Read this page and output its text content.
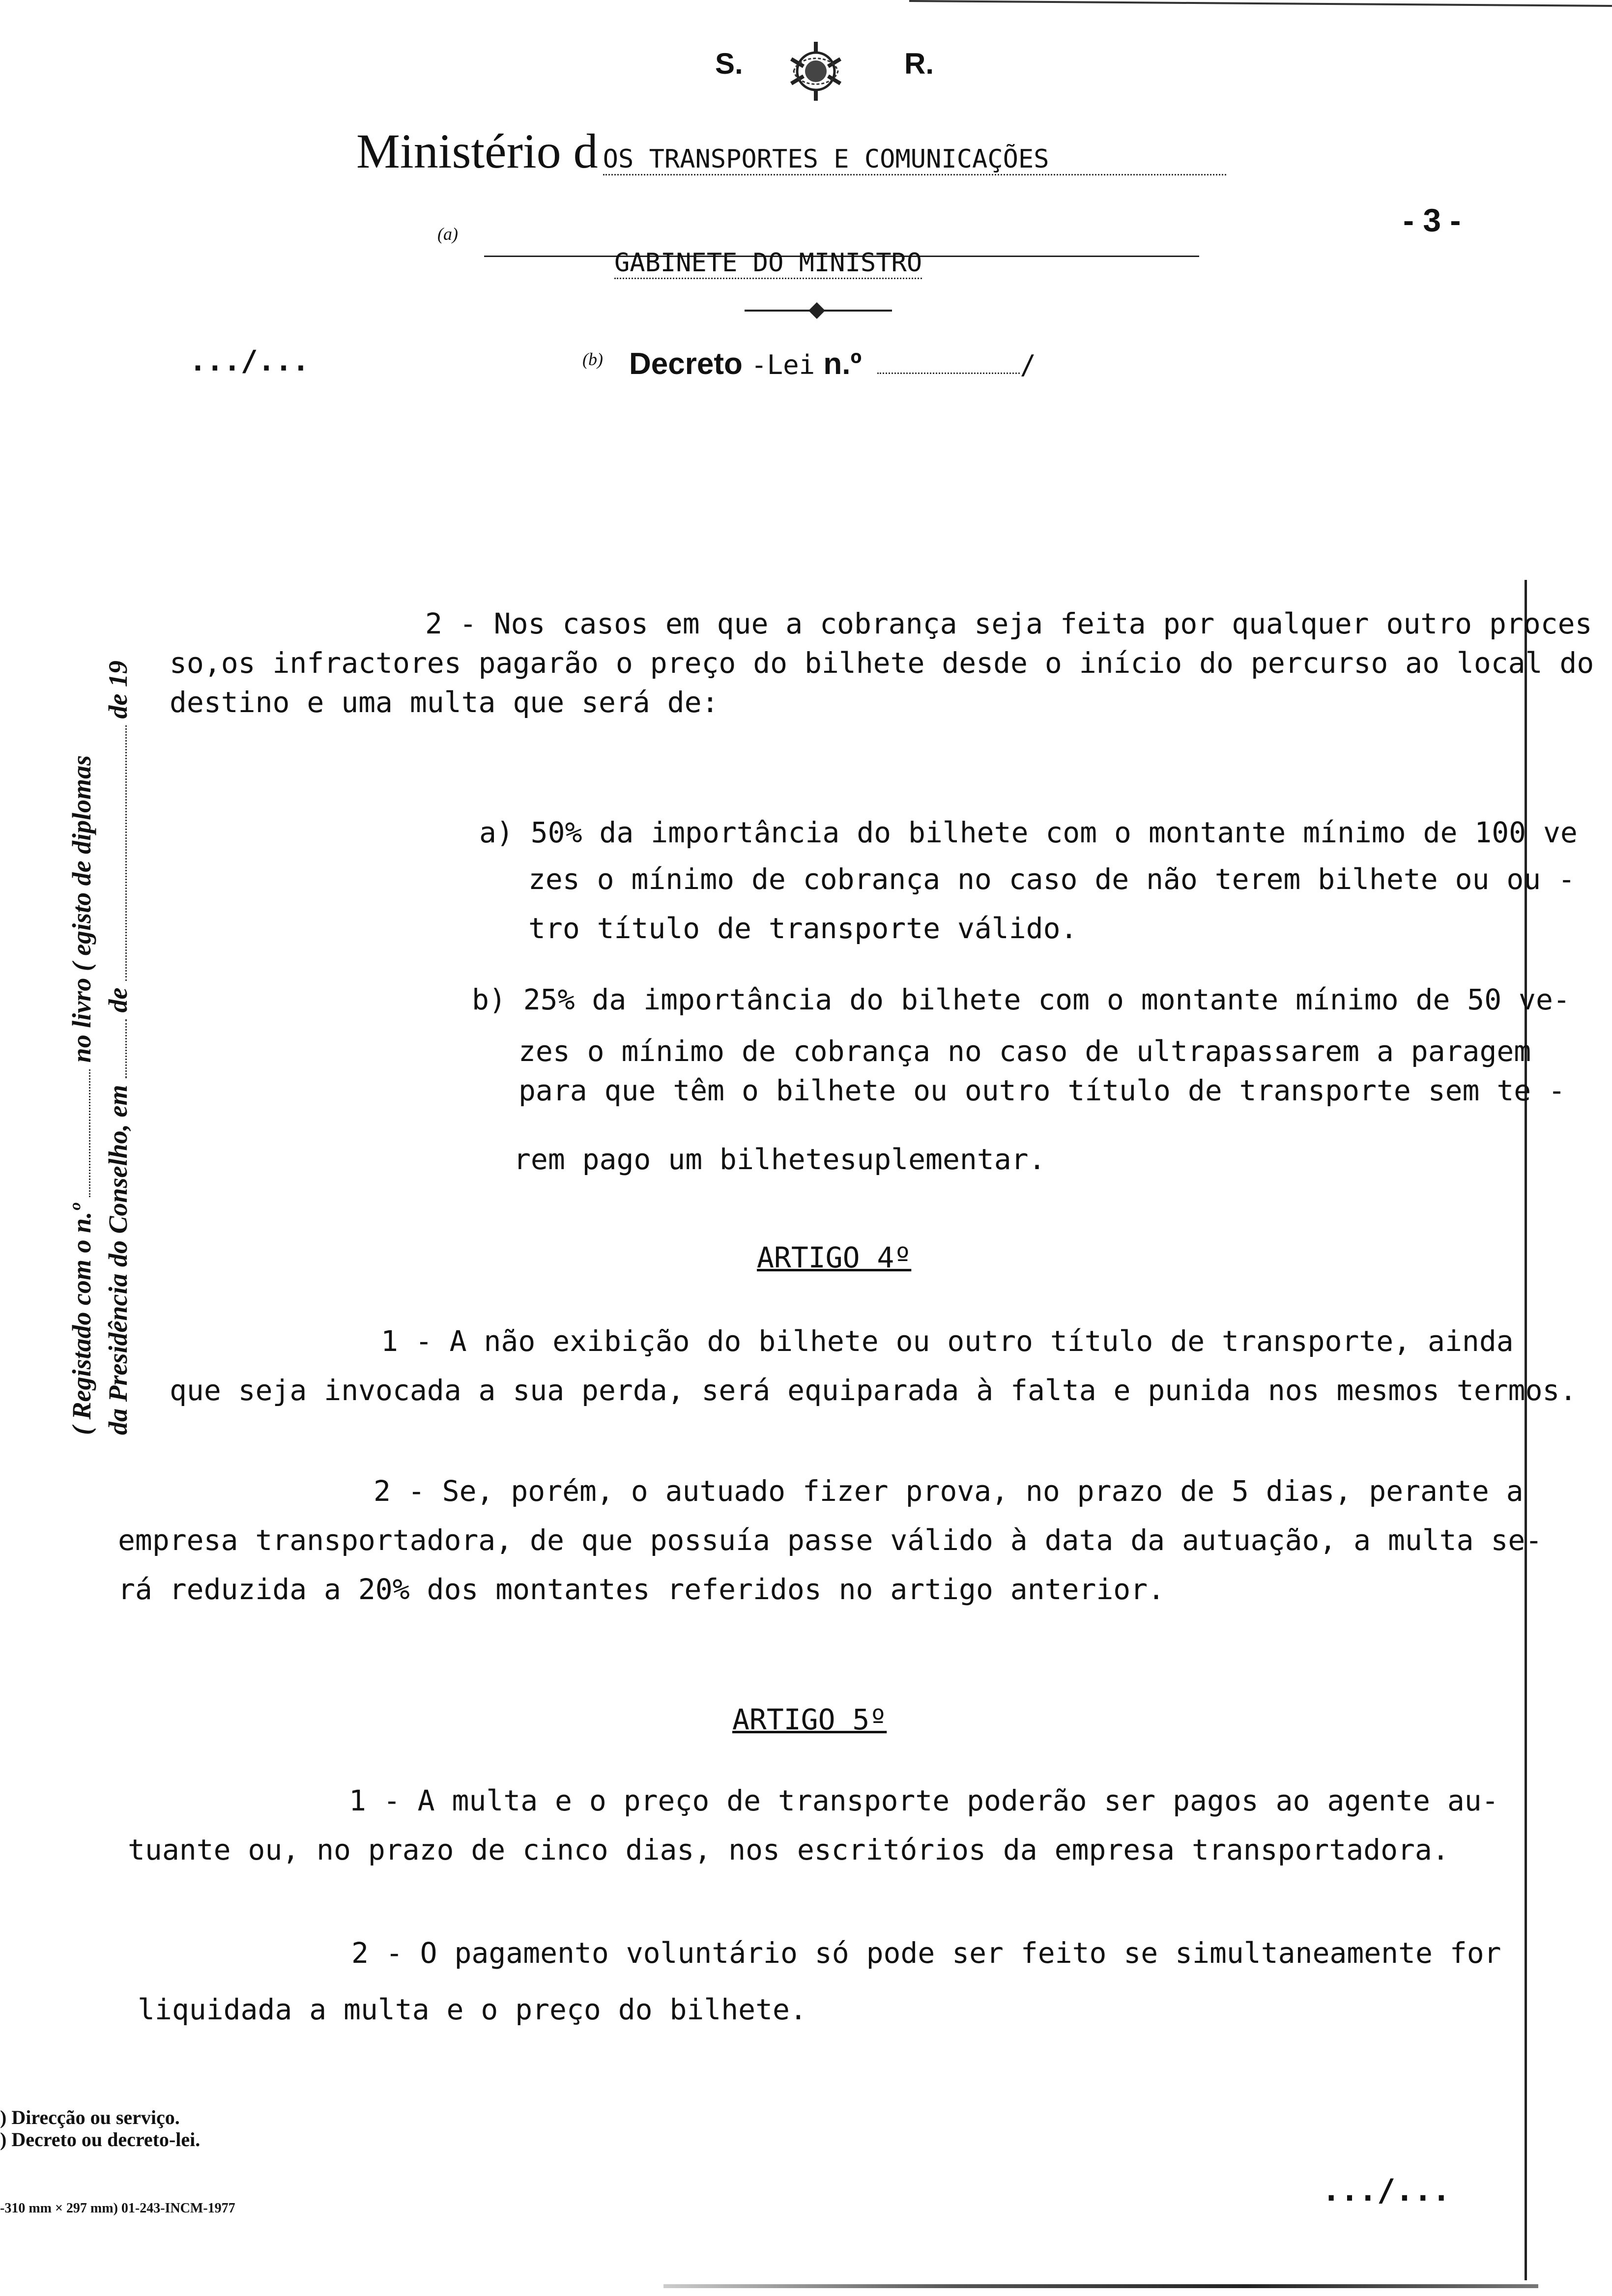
S.	R.
Ministério d OS TRANSPORTES E COMUNICAÇÕES
- 3 -
(a)
GABINETE DO MINISTRO
.../...	(b) Decreto -Lei n.º	/
( Registado com o n.º  no livro ( egisto de diplomas
da Presidência do Conselho, em  de  de 19
2 - Nos casos em que a cobrança seja feita por qualquer outro proces
so,os infractores pagarão o preço do bilhete desde o início do percurso ao local do
destino e uma multa que será de:
a) 50% da importância do bilhete com o montante mínimo de 100 ve
zes o mínimo de cobrança no caso de não terem bilhete ou ou -
tro título de transporte válido.
b) 25% da importância do bilhete com o montante mínimo de 50 ve-
zes o mínimo de cobrança no caso de ultrapassarem a paragem
para que têm o bilhete ou outro título de transporte sem te -
rem pago um bilhetesuplementar.
ARTIGO 4º
1 - A não exibição do bilhete ou outro título de transporte, ainda
que seja invocada a sua perda, será equiparada à falta e punida nos mesmos termos.
2 - Se, porém, o autuado fizer prova, no prazo de 5 dias, perante a
empresa transportadora, de que possuía passe válido à data da autuação, a multa se-
rá reduzida a 20% dos montantes referidos no artigo anterior.
ARTIGO 5º
1 - A multa e o preço de transporte poderão ser pagos ao agente au-
tuante ou, no prazo de cinco dias, nos escritórios da empresa transportadora.
2 - O pagamento voluntário só pode ser feito se simultaneamente for
liquidada a multa e o preço do bilhete.
) Direcção ou serviço.
) Decreto ou decreto-lei.
-310 mm × 297 mm) 01-243-INCM-1977
.../...
